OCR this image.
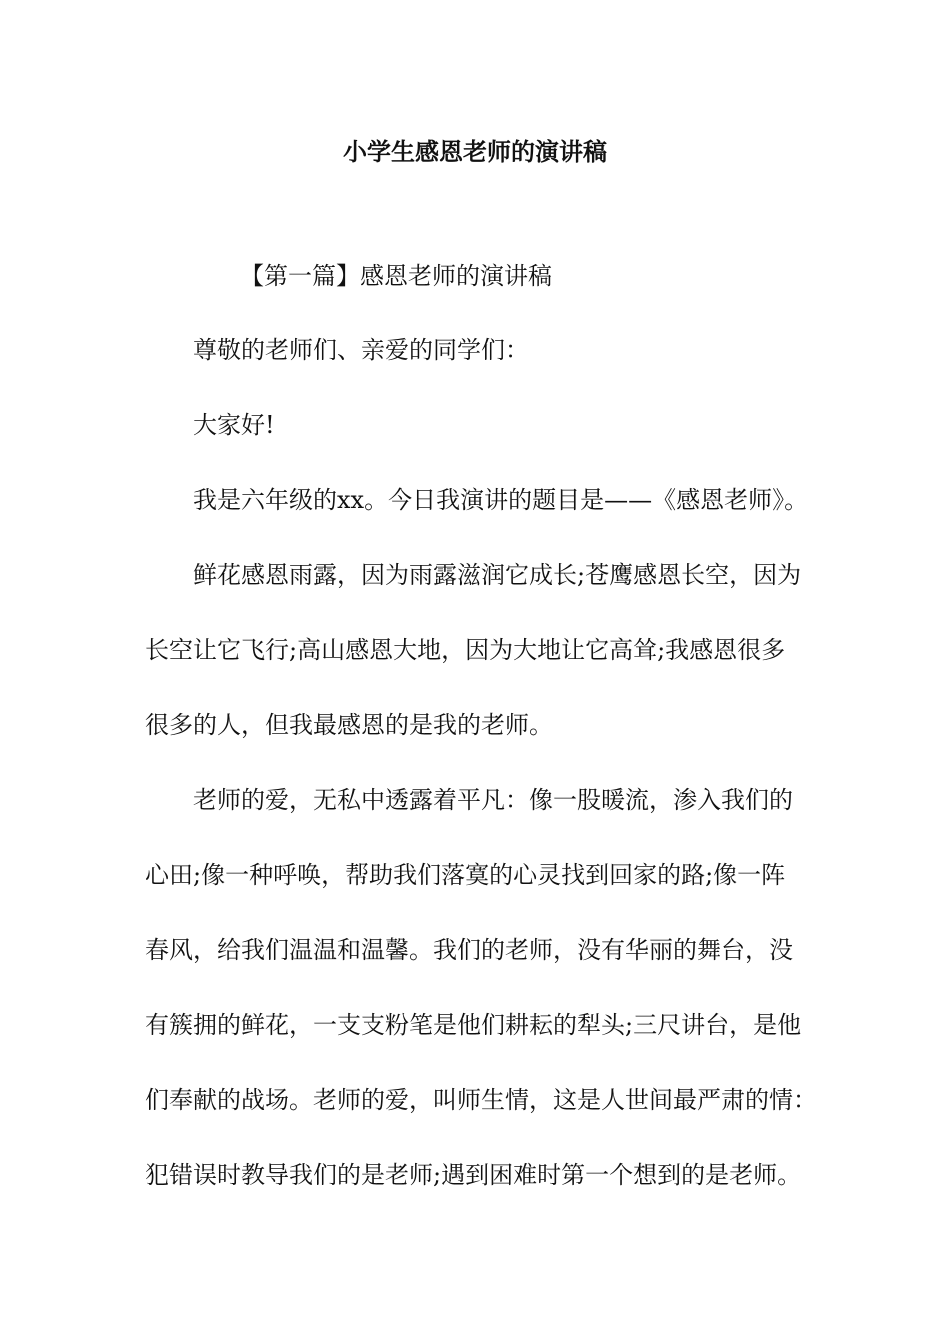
小学生感恩老师的演讲稿
【第一篇】感恩老师的演讲稿
尊敬的老师们、亲爱的同学们：
大家好!
我是六年级的xx。今日我演讲的题目是——《感恩老师》。
鲜花感恩雨露，因为雨露滋润它成长;苍鹰感恩长空，因为
长空让它飞行;高山感恩大地，因为大地让它高耸;我感恩很多
很多的人，但我最感恩的是我的老师。
老师的爱，无私中透露着平凡：像一股暖流，渗入我们的
心田;像一种呼唤，帮助我们落寞的心灵找到回家的路;像一阵
春风，给我们温温和温馨。我们的老师，没有华丽的舞台，没
有簇拥的鲜花，一支支粉笔是他们耕耘的犁头;三尺讲台，是他
们奉献的战场。老师的爱，叫师生情，这是人世间最严肃的情：
犯错误时教导我们的是老师;遇到困难时第一个想到的是老师。
